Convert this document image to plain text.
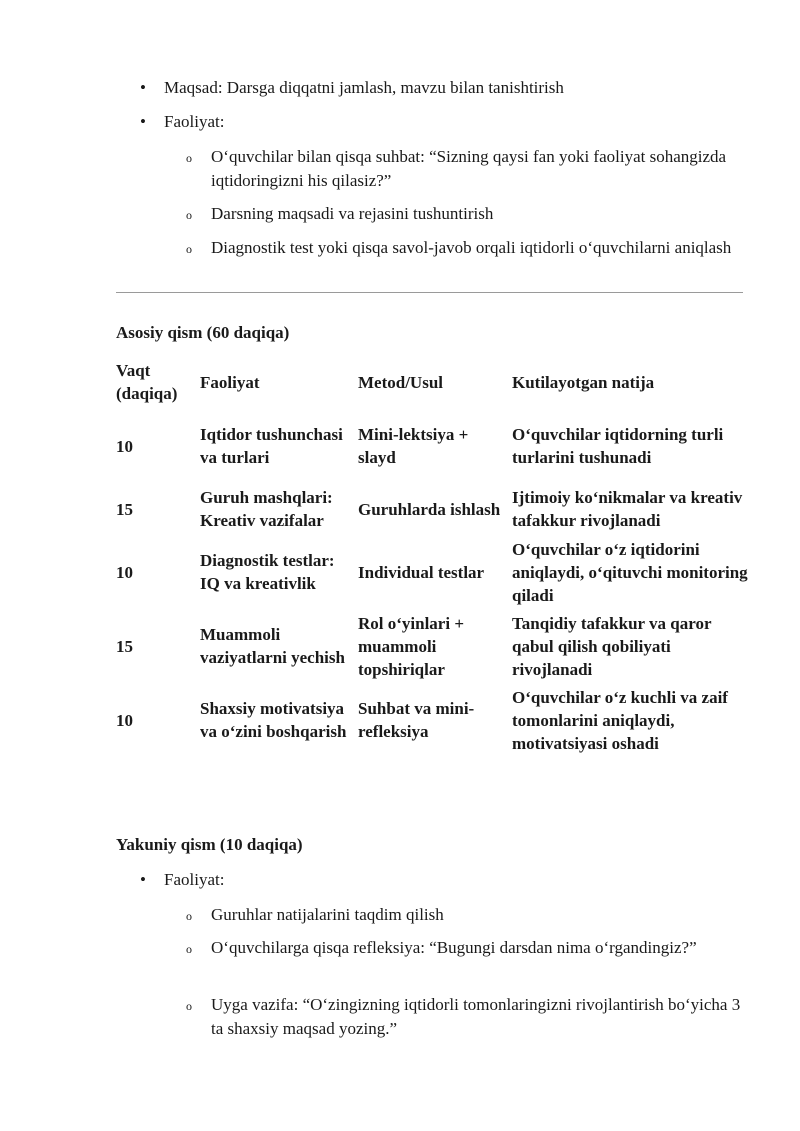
•	Maqsad: Darsga diqqatni jamlash, mavzu bilan tanishtirish
•	Faoliyat:
o O‘quvchilar bilan qisqa suhbat: “Sizning qaysi fan yoki faoliyat sohangizda iqtidoringizni his qilasiz?”
o Darsning maqsadi va rejasini tushuntirish
o Diagnostik test yoki qisqa savol-javob orqali iqtidorli o‘quvchilarni aniqlash
Asosiy qism (60 daqiqa)
Vaqt (daqiqa)	Faoliyat	Metod/Usul	Kutilayotgan natija
10	Iqtidor tushunchasi va turlari	Mini-lektsiya + slayd	O‘quvchilar iqtidorning turli turlarini tushunadi
15	Guruh mashqlari: Kreativ vazifalar	Guruhlarda ishlash	Ijtimoiy ko‘nikmalar va kreativ tafakkur rivojlanadi
10	Diagnostik testlar: IQ va kreativlik	Individual testlar	O‘quvchilar o‘z iqtidorini aniqlaydi, o‘qituvchi monitoring qiladi
15	Muammoli vaziyatlarni yechish	Rol o‘yinlari + muammoli topshiriqlar	Tanqidiy tafakkur va qaror qabul qilish qobiliyati rivojlanadi
10	Shaxsiy motivatsiya va o‘zini boshqarish	Suhbat va mini-refleksiya	O‘quvchilar o‘z kuchli va zaif tomonlarini aniqlaydi, motivatsiyasi oshadi
Yakuniy qism (10 daqiqa)
•	Faoliyat:
o Guruhlar natijalarini taqdim qilish
o O‘quvchilarga qisqa refleksiya: “Bugungi darsdan nima o‘rgandingiz?”
o Uyga vazifa: “O‘zingizning iqtidorli tomonlaringizni rivojlantirish bo‘yicha 3 ta shaxsiy maqsad yozing.”
